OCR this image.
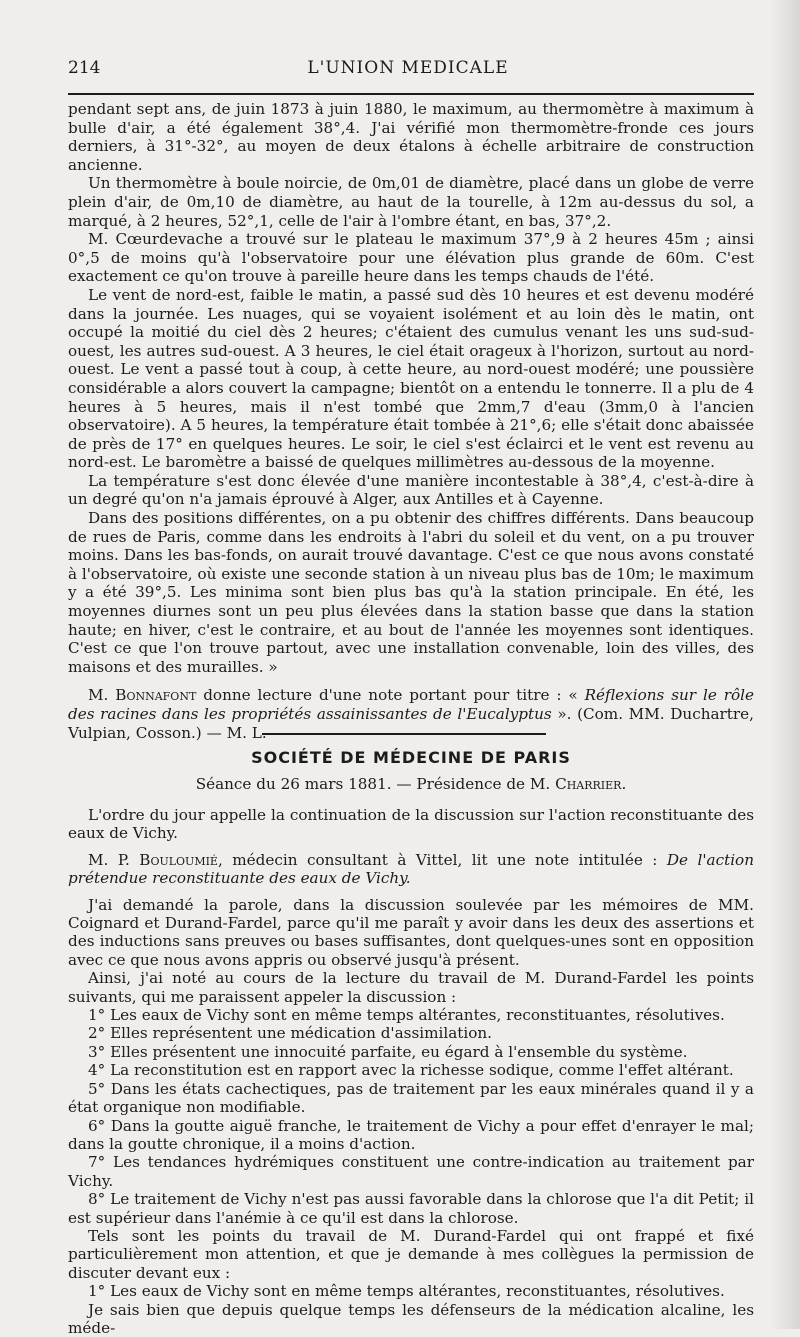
214	L'UNION MEDICALE

pendant sept ans, de juin 1873 à juin 1880, le maximum, au thermomètre à maximum à bulle d'air, a été également 38°,4. J'ai vérifié mon thermomètre-fronde ces jours derniers, à 31°-32°, au moyen de deux étalons à échelle arbitraire de construction ancienne.

Un thermomètre à boule noircie, de 0m,01 de diamètre, placé dans un globe de verre plein d'air, de 0m,10 de diamètre, au haut de la tourelle, à 12m au-dessus du sol, a marqué, à 2 heures, 52°,1, celle de l'air à l'ombre étant, en bas, 37°,2.

M. Cœurdevache a trouvé sur le plateau le maximum 37°,9 à 2 heures 45m ; ainsi 0°,5 de moins qu'à l'observatoire pour une élévation plus grande de 60m. C'est exactement ce qu'on trouve à pareille heure dans les temps chauds de l'été.

Le vent de nord-est, faible le matin, a passé sud dès 10 heures et est devenu modéré dans la journée. Les nuages, qui se voyaient isolément et au loin dès le matin, ont occupé la moitié du ciel dès 2 heures; c'étaient des cumulus venant les uns sud-sud-ouest, les autres sud-ouest. A 3 heures, le ciel était orageux à l'horizon, surtout au nord-ouest. Le vent a passé tout à coup, à cette heure, au nord-ouest modéré; une poussière considérable a alors couvert la campagne; bientôt on a entendu le tonnerre. Il a plu de 4 heures à 5 heures, mais il n'est tombé que 2mm,7 d'eau (3mm,0 à l'ancien observatoire). A 5 heures, la température était tombée à 21°,6; elle s'était donc abaissée de près de 17° en quelques heures. Le soir, le ciel s'est éclairci et le vent est revenu au nord-est. Le baromètre a baissé de quelques millimètres au-dessous de la moyenne.

La température s'est donc élevée d'une manière incontestable à 38°,4, c'est-à-dire à un degré qu'on n'a jamais éprouvé à Alger, aux Antilles et à Cayenne.

Dans des positions différentes, on a pu obtenir des chiffres différents. Dans beaucoup de rues de Paris, comme dans les endroits à l'abri du soleil et du vent, on a pu trouver moins. Dans les bas-fonds, on aurait trouvé davantage. C'est ce que nous avons constaté à l'observatoire, où existe une seconde station à un niveau plus bas de 10m; le maximum y a été 39°,5. Les minima sont bien plus bas qu'à la station principale. En été, les moyennes diurnes sont un peu plus élevées dans la station basse que dans la station haute; en hiver, c'est le contraire, et au bout de l'année les moyennes sont identiques. C'est ce que l'on trouve partout, avec une installation convenable, loin des villes, des maisons et des murailles. »

M. Bonnafont donne lecture d'une note portant pour titre : « Réflexions sur le rôle des racines dans les propriétés assainissantes de l'Eucalyptus ». (Com. MM. Duchartre, Vulpian, Cosson.) — M. L.

SOCIÉTÉ DE MÉDECINE DE PARIS
Séance du 26 mars 1881. — Présidence de M. Charrier.

L'ordre du jour appelle la continuation de la discussion sur l'action reconstituante des eaux de Vichy.

M. P. Bouloumié, médecin consultant à Vittel, lit une note intitulée : De l'action prétendue reconstituante des eaux de Vichy.

J'ai demandé la parole, dans la discussion soulevée par les mémoires de MM. Coignard et Durand-Fardel, parce qu'il me paraît y avoir dans les deux des assertions et des inductions sans preuves ou bases suffisantes, dont quelques-unes sont en opposition avec ce que nous avons appris ou observé jusqu'à présent.

Ainsi, j'ai noté au cours de la lecture du travail de M. Durand-Fardel les points suivants, qui me paraissent appeler la discussion :

1° Les eaux de Vichy sont en même temps altérantes, reconstituantes, résolutives.

2° Elles représentent une médication d'assimilation.

3° Elles présentent une innocuité parfaite, eu égard à l'ensemble du système.

4° La reconstitution est en rapport avec la richesse sodique, comme l'effet altérant.

5° Dans les états cachectiques, pas de traitement par les eaux minérales quand il y a état organique non modifiable.

6° Dans la goutte aiguë franche, le traitement de Vichy a pour effet d'enrayer le mal; dans la goutte chronique, il a moins d'action.

7° Les tendances hydrémiques constituent une contre-indication au traitement par Vichy.

8° Le traitement de Vichy n'est pas aussi favorable dans la chlorose que l'a dit Petit; il est supérieur dans l'anémie à ce qu'il est dans la chlorose.

Tels sont les points du travail de M. Durand-Fardel qui ont frappé et fixé particulièrement mon attention, et que je demande à mes collègues la permission de discuter devant eux :

1° Les eaux de Vichy sont en même temps altérantes, reconstituantes, résolutives.

Je sais bien que depuis quelque temps les défenseurs de la médication alcaline, les méde-
